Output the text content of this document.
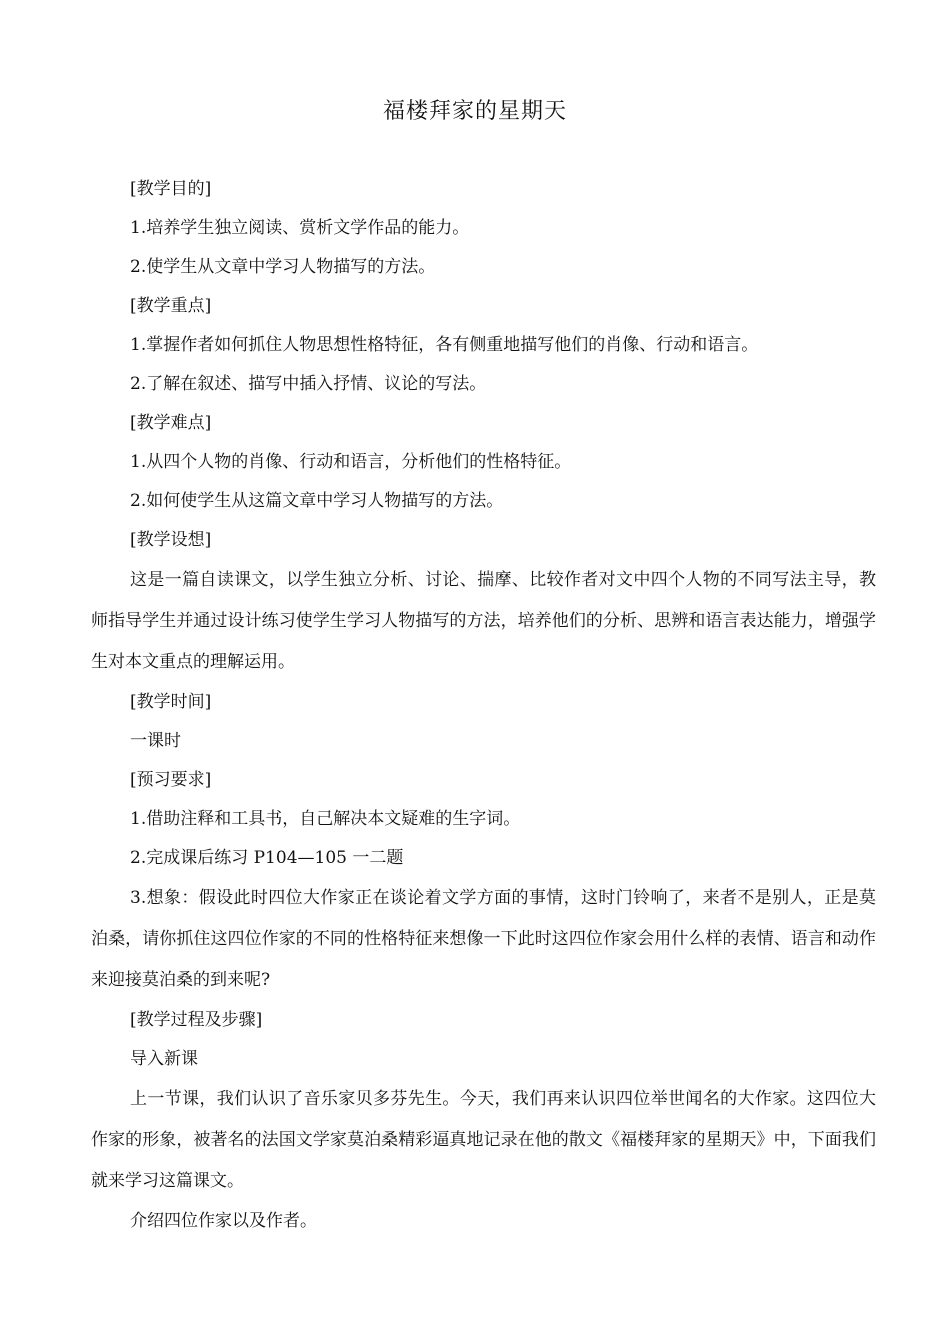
福楼拜家的星期天

[教学目的]

1.培养学生独立阅读、赏析文学作品的能力。

2.使学生从文章中学习人物描写的方法。

[教学重点]

1.掌握作者如何抓住人物思想性格特征，各有侧重地描写他们的肖像、行动和语言。

2.了解在叙述、描写中插入抒情、议论的写法。

[教学难点]

1.从四个人物的肖像、行动和语言，分析他们的性格特征。

2.如何使学生从这篇文章中学习人物描写的方法。

[教学设想]

这是一篇自读课文，以学生独立分析、讨论、揣摩、比较作者对文中四个人物的不同写法主导，教师指导学生并通过设计练习使学生学习人物描写的方法，培养他们的分析、思辨和语言表达能力，增强学生对本文重点的理解运用。

[教学时间]

一课时

[预习要求]

1.借助注释和工具书，自己解决本文疑难的生字词。

2.完成课后练习 P104—105 一二题

3.想象：假设此时四位大作家正在谈论着文学方面的事情，这时门铃响了，来者不是别人，正是莫泊桑，请你抓住这四位作家的不同的性格特征来想像一下此时这四位作家会用什么样的表情、语言和动作来迎接莫泊桑的到来呢?

[教学过程及步骤]

导入新课

上一节课，我们认识了音乐家贝多芬先生。今天，我们再来认识四位举世闻名的大作家。这四位大作家的形象，被著名的法国文学家莫泊桑精彩逼真地记录在他的散文《福楼拜家的星期天》中，下面我们就来学习这篇课文。

介绍四位作家以及作者。
